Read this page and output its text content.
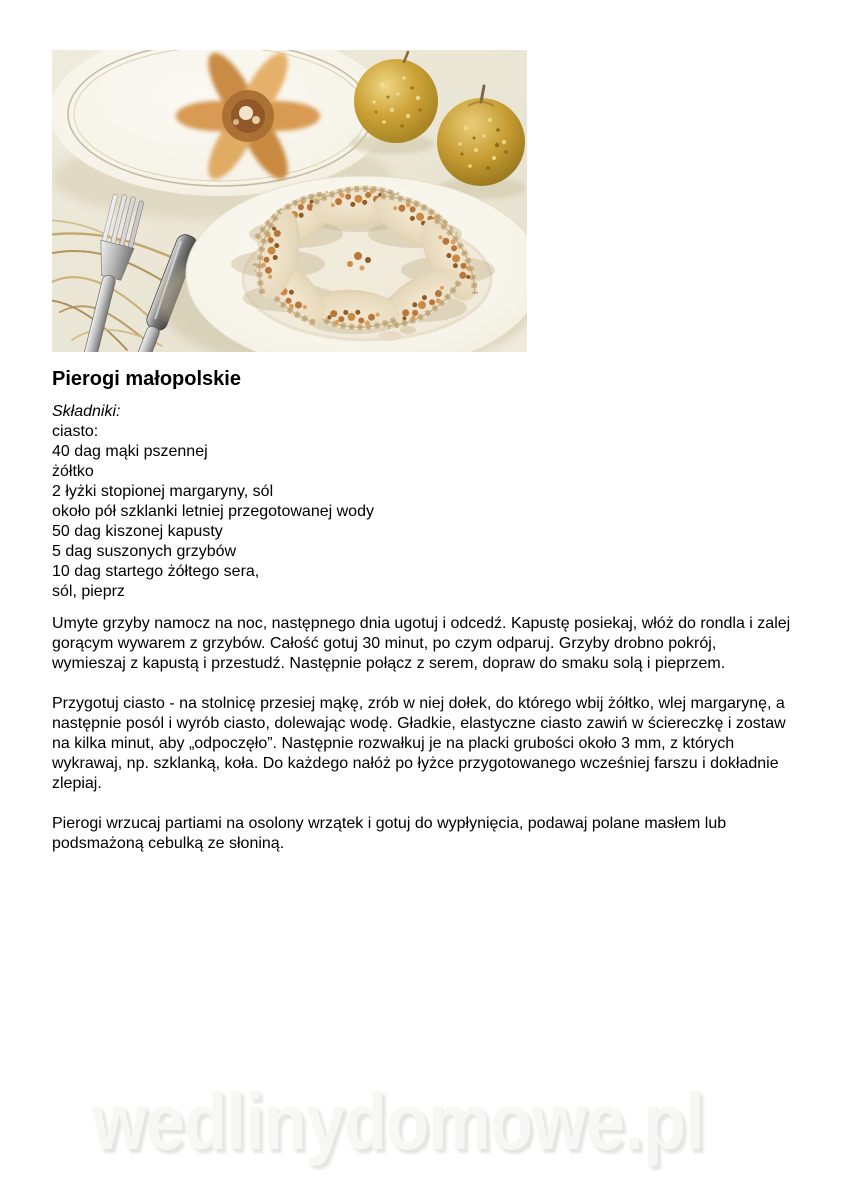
Pierogi małopolskie
Składniki:
ciasto:
40 dag mąki pszennej
żółtko
2 łyżki stopionej margaryny, sól
około pół szklanki letniej przegotowanej wody
50 dag kiszonej kapusty
5 dag suszonych grzybów
10 dag startego żółtego sera,
sól, pieprz

Umyte grzyby namocz na noc, następnego dnia ugotuj i odcedź. Kapustę posiekaj, włóż do rondla i zalej gorącym wywarem z grzybów. Całość gotuj 30 minut, po czym odparuj. Grzyby drobno pokrój, wymieszaj z kapustą i przestudź. Następnie połącz z serem, dopraw do smaku solą i pieprzem.

Przygotuj ciasto - na stolnicę przesiej mąkę, zrób w niej dołek, do którego wbij żółtko, wlej margarynę, a następnie posól i wyrób ciasto, dolewając wodę. Gładkie, elastyczne ciasto zawiń w ściereczkę i zostaw na kilka minut, aby „odpoczęło”. Następnie rozwałkuj je na placki grubości około 3 mm, z których wykrawaj, np. szklanką, koła. Do każdego nałóż po łyżce przygotowanego wcześniej farszu i dokładnie zlepiaj.

Pierogi wrzucaj partiami na osolony wrzątek i gotuj do wypłynięcia, podawaj polane masłem lub podsmażoną cebulką ze słoniną.

wedlinydomowe.pl
